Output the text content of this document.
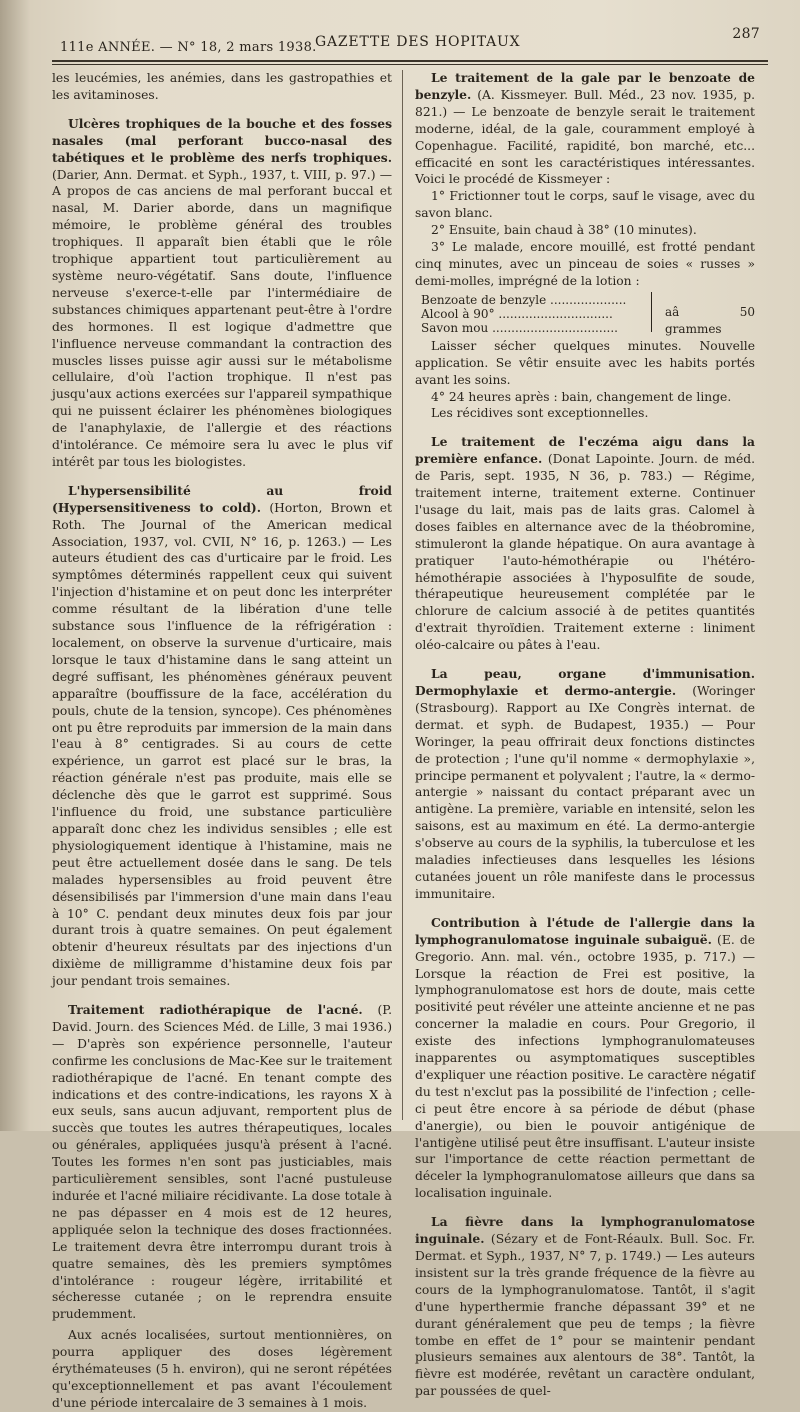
111e ANNÉE. — N° 18, 2 mars 1938.
GAZETTE DES HOPITAUX	287

les leucémies, les anémies, dans les gastropathies et les avitaminoses.

Ulcères trophiques de la bouche et des fosses nasales (mal perforant bucco-nasal des tabétiques et le problème des nerfs trophiques. (Darier, Ann. Dermat. et Syph., 1937, t. VIII, p. 97.) — A propos de cas anciens de mal perforant buccal et nasal, M. Darier aborde, dans un magnifique mémoire, le problème général des troubles trophiques. Il apparaît bien établi que le rôle trophique appartient tout particulièrement au système neuro-végétatif. Sans doute, l'influence nerveuse s'exerce-t-elle par l'intermédiaire de substances chimiques appartenant peut-être à l'ordre des hormones. Il est logique d'admettre que l'influence nerveuse commandant la contraction des muscles lisses puisse agir aussi sur le métabolisme cellulaire, d'où l'action trophique. Il n'est pas jusqu'aux actions exercées sur l'appareil sympathique qui ne puissent éclairer les phénomènes biologiques de l'anaphylaxie, de l'allergie et des réactions d'intolérance. Ce mémoire sera lu avec le plus vif intérêt par tous les biologistes.

L'hypersensibilité au froid (Hypersensitiveness to cold). (Horton, Brown et Roth. The Journal of the American medical Association, 1937, vol. CVII, N° 16, p. 1263.) — Les auteurs étudient des cas d'urticaire par le froid. Les symptômes déterminés rappellent ceux qui suivent l'injection d'histamine et on peut donc les interpréter comme résultant de la libération d'une telle substance sous l'influence de la réfrigération : localement, on observe la survenue d'urticaire, mais lorsque le taux d'histamine dans le sang atteint un degré suffisant, les phénomènes généraux peuvent apparaître (bouffissure de la face, accélération du pouls, chute de la tension, syncope). Ces phénomènes ont pu être reproduits par immersion de la main dans l'eau à 8° centigrades. Si au cours de cette expérience, un garrot est placé sur le bras, la réaction générale n'est pas produite, mais elle se déclenche dès que le garrot est supprimé. Sous l'influence du froid, une substance particulière apparaît donc chez les individus sensibles ; elle est physiologiquement identique à l'histamine, mais ne peut être actuellement dosée dans le sang. De tels malades hypersensibles au froid peuvent être désensibilisés par l'immersion d'une main dans l'eau à 10° C. pendant deux minutes deux fois par jour durant trois à quatre semaines. On peut également obtenir d'heureux résultats par des injections d'un dixième de milligramme d'histamine deux fois par jour pendant trois semaines.

Traitement radiothérapique de l'acné. (P. David. Journ. des Sciences Méd. de Lille, 3 mai 1936.) — D'après son expérience personnelle, l'auteur confirme les conclusions de Mac-Kee sur le traitement radiothérapique de l'acné. En tenant compte des indications et des contre-indications, les rayons X à eux seuls, sans aucun adjuvant, remportent plus de succès que toutes les autres thérapeutiques, locales ou générales, appliquées jusqu'à présent à l'acné. Toutes les formes n'en sont pas justiciables, mais particulièrement sensibles, sont l'acné pustuleuse indurée et l'acné miliaire récidivante. La dose totale à ne pas dépasser en 4 mois est de 12 heures, appliquée selon la technique des doses fractionnées. Le traitement devra être interrompu durant trois à quatre semaines, dès les premiers symptômes d'intolérance : rougeur légère, irritabilité et sécheresse cutanée ; on le reprendra ensuite prudemment.

Aux acnés localisées, surtout mentionnières, on pourra appliquer des doses légèrement érythémateuses (5 h. environ), qui ne seront répétées qu'exceptionnellement et pas avant l'écoulement d'une période intercalaire de 3 semaines à 1 mois.

Le traitement de la gale par le benzoate de benzyle. (A. Kissmeyer. Bull. Méd., 23 nov. 1935, p. 821.) — Le benzoate de benzyle serait le traitement moderne, idéal, de la gale, couramment employé à Copenhague. Facilité, rapidité, bon marché, etc... efficacité en sont les caractéristiques intéressantes. Voici le procédé de Kissmeyer :

1° Frictionner tout le corps, sauf le visage, avec du savon blanc.

2° Ensuite, bain chaud à 38° (10 minutes).

3° Le malade, encore mouillé, est frotté pendant cinq minutes, avec un pinceau de soies « russes » demi-molles, imprégné de la lotion :

Benzoate de benzyle ....................
Alcool à 90° ..............................
Savon mou .................................
aâ 50 grammes

Laisser sécher quelques minutes. Nouvelle application. Se vêtir ensuite avec les habits portés avant les soins.

4° 24 heures après : bain, changement de linge.

Les récidives sont exceptionnelles.

Le traitement de l'eczéma aigu dans la première enfance. (Donat Lapointe. Journ. de méd. de Paris, sept. 1935, N 36, p. 783.) — Régime, traitement interne, traitement externe. Continuer l'usage du lait, mais pas de laits gras. Calomel à doses faibles en alternance avec de la théobromine, stimuleront la glande hépatique. On aura avantage à pratiquer l'auto-hémothérapie ou l'hétéro-hémothérapie associées à l'hyposulfite de soude, thérapeutique heureusement complétée par le chlorure de calcium associé à de petites quantités d'extrait thyroïdien. Traitement externe : liniment oléo-calcaire ou pâtes à l'eau.

La peau, organe d'immunisation. Dermophylaxie et dermo-antergie. (Woringer (Strasbourg). Rapport au IXe Congrès internat. de dermat. et syph. de Budapest, 1935.) — Pour Woringer, la peau offrirait deux fonctions distinctes de protection ; l'une qu'il nomme « dermophylaxie », principe permanent et polyvalent ; l'autre, la « dermo-antergie » naissant du contact préparant avec un antigène. La première, variable en intensité, selon les saisons, est au maximum en été. La dermo-antergie s'observe au cours de la syphilis, la tuberculose et les maladies infectieuses dans lesquelles les lésions cutanées jouent un rôle manifeste dans le processus immunitaire.

Contribution à l'étude de l'allergie dans la lymphogranulomatose inguinale subaiguë. (E. de Gregorio. Ann. mal. vén., octobre 1935, p. 717.) — Lorsque la réaction de Frei est positive, la lymphogranulomatose est hors de doute, mais cette positivité peut révéler une atteinte ancienne et ne pas concerner la maladie en cours. Pour Gregorio, il existe des infections lymphogranulomateuses inapparentes ou asymptomatiques susceptibles d'expliquer une réaction positive. Le caractère négatif du test n'exclut pas la possibilité de l'infection ; celle-ci peut être encore à sa période de début (phase d'anergie), ou bien le pouvoir antigénique de l'antigène utilisé peut être insuffisant. L'auteur insiste sur l'importance de cette réaction permettant de déceler la lymphogranulomatose ailleurs que dans sa localisation inguinale.

La fièvre dans la lymphogranulomatose inguinale. (Sézary et de Font-Réaulx. Bull. Soc. Fr. Dermat. et Syph., 1937, N° 7, p. 1749.) — Les auteurs insistent sur la très grande fréquence de la fièvre au cours de la lymphogranulomatose. Tantôt, il s'agit d'une hyperthermie franche dépassant 39° et ne durant généralement que peu de temps ; la fièvre tombe en effet de 1° pour se maintenir pendant plusieurs semaines aux alentours de 38°. Tantôt, la fièvre est modérée, revêtant un caractère ondulant, par poussées de quel-
